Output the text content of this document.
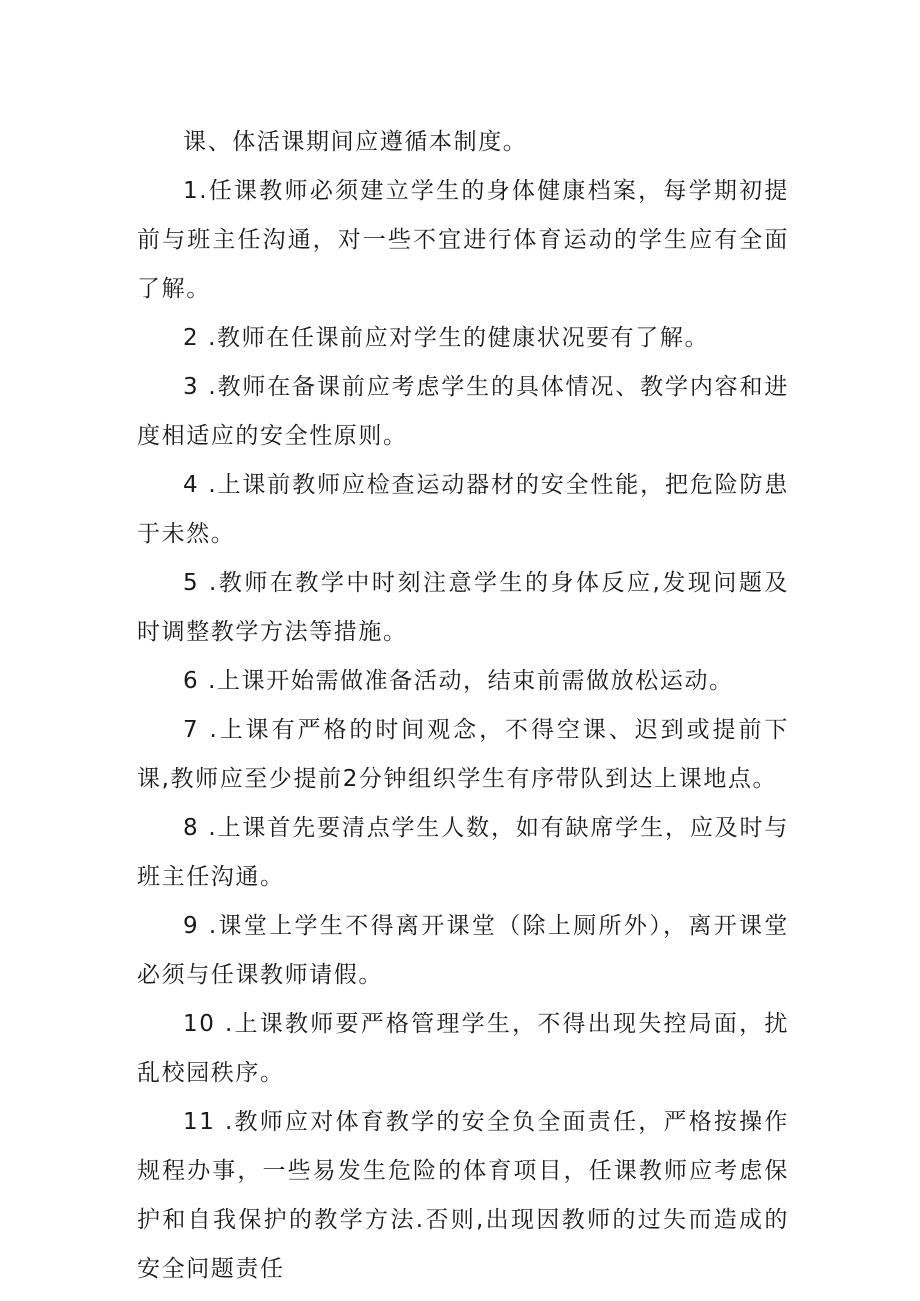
课、体活课期间应遵循本制度。

1.任课教师必须建立学生的身体健康档案，每学期初提前与班主任沟通，对一些不宜进行体育运动的学生应有全面了解。
2 .教师在任课前应对学生的健康状况要有了解。
3 .教师在备课前应考虑学生的具体情况、教学内容和进度相适应的安全性原则。
4 .上课前教师应检查运动器材的安全性能，把危险防患于未然。
5 .教师在教学中时刻注意学生的身体反应,发现问题及时调整教学方法等措施。
6 .上课开始需做准备活动，结束前需做放松运动。
7 .上课有严格的时间观念，不得空课、迟到或提前下课,教师应至少提前2分钟组织学生有序带队到达上课地点。
8 .上课首先要清点学生人数，如有缺席学生，应及时与班主任沟通。
9 .课堂上学生不得离开课堂（除上厕所外），离开课堂必须与任课教师请假。
10 .上课教师要严格管理学生，不得出现失控局面，扰乱校园秩序。
11 .教师应对体育教学的安全负全面责任，严格按操作规程办事，一些易发生危险的体育项目，任课教师应考虑保护和自我保护的教学方法.否则,出现因教师的过失而造成的安全问题责任
